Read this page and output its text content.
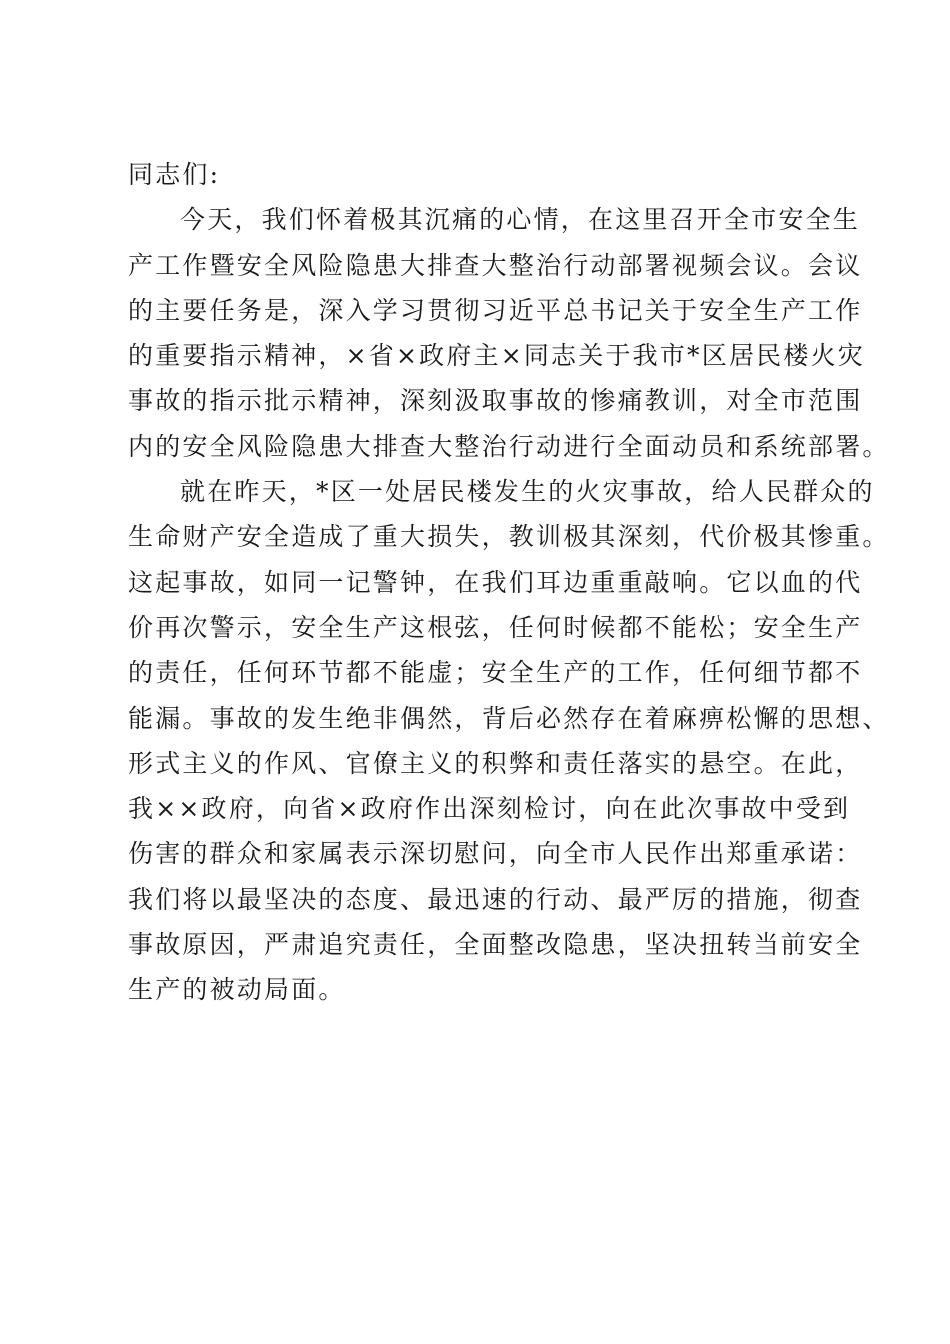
同志们:
今天，我们怀着极其沉痛的心情，在这里召开全市安全生
产工作暨安全风险隐患大排查大整治行动部署视频会议。会议
的主要任务是，深入学习贯彻习近平总书记关于安全生产工作
的重要指示精神，×省×政府主×同志关于我市*区居民楼火灾
事故的指示批示精神，深刻汲取事故的惨痛教训，对全市范围
内的安全风险隐患大排查大整治行动进行全面动员和系统部署。
就在昨天，*区一处居民楼发生的火灾事故，给人民群众的
生命财产安全造成了重大损失，教训极其深刻，代价极其惨重。
这起事故，如同一记警钟，在我们耳边重重敲响。它以血的代
价再次警示，安全生产这根弦，任何时候都不能松；安全生产
的责任，任何环节都不能虚；安全生产的工作，任何细节都不
能漏。事故的发生绝非偶然，背后必然存在着麻痹松懈的思想、
形式主义的作风、官僚主义的积弊和责任落实的悬空。在此，
我××政府，向省×政府作出深刻检讨，向在此次事故中受到
伤害的群众和家属表示深切慰问，向全市人民作出郑重承诺：
我们将以最坚决的态度、最迅速的行动、最严厉的措施，彻查
事故原因，严肃追究责任，全面整改隐患，坚决扭转当前安全
生产的被动局面。
